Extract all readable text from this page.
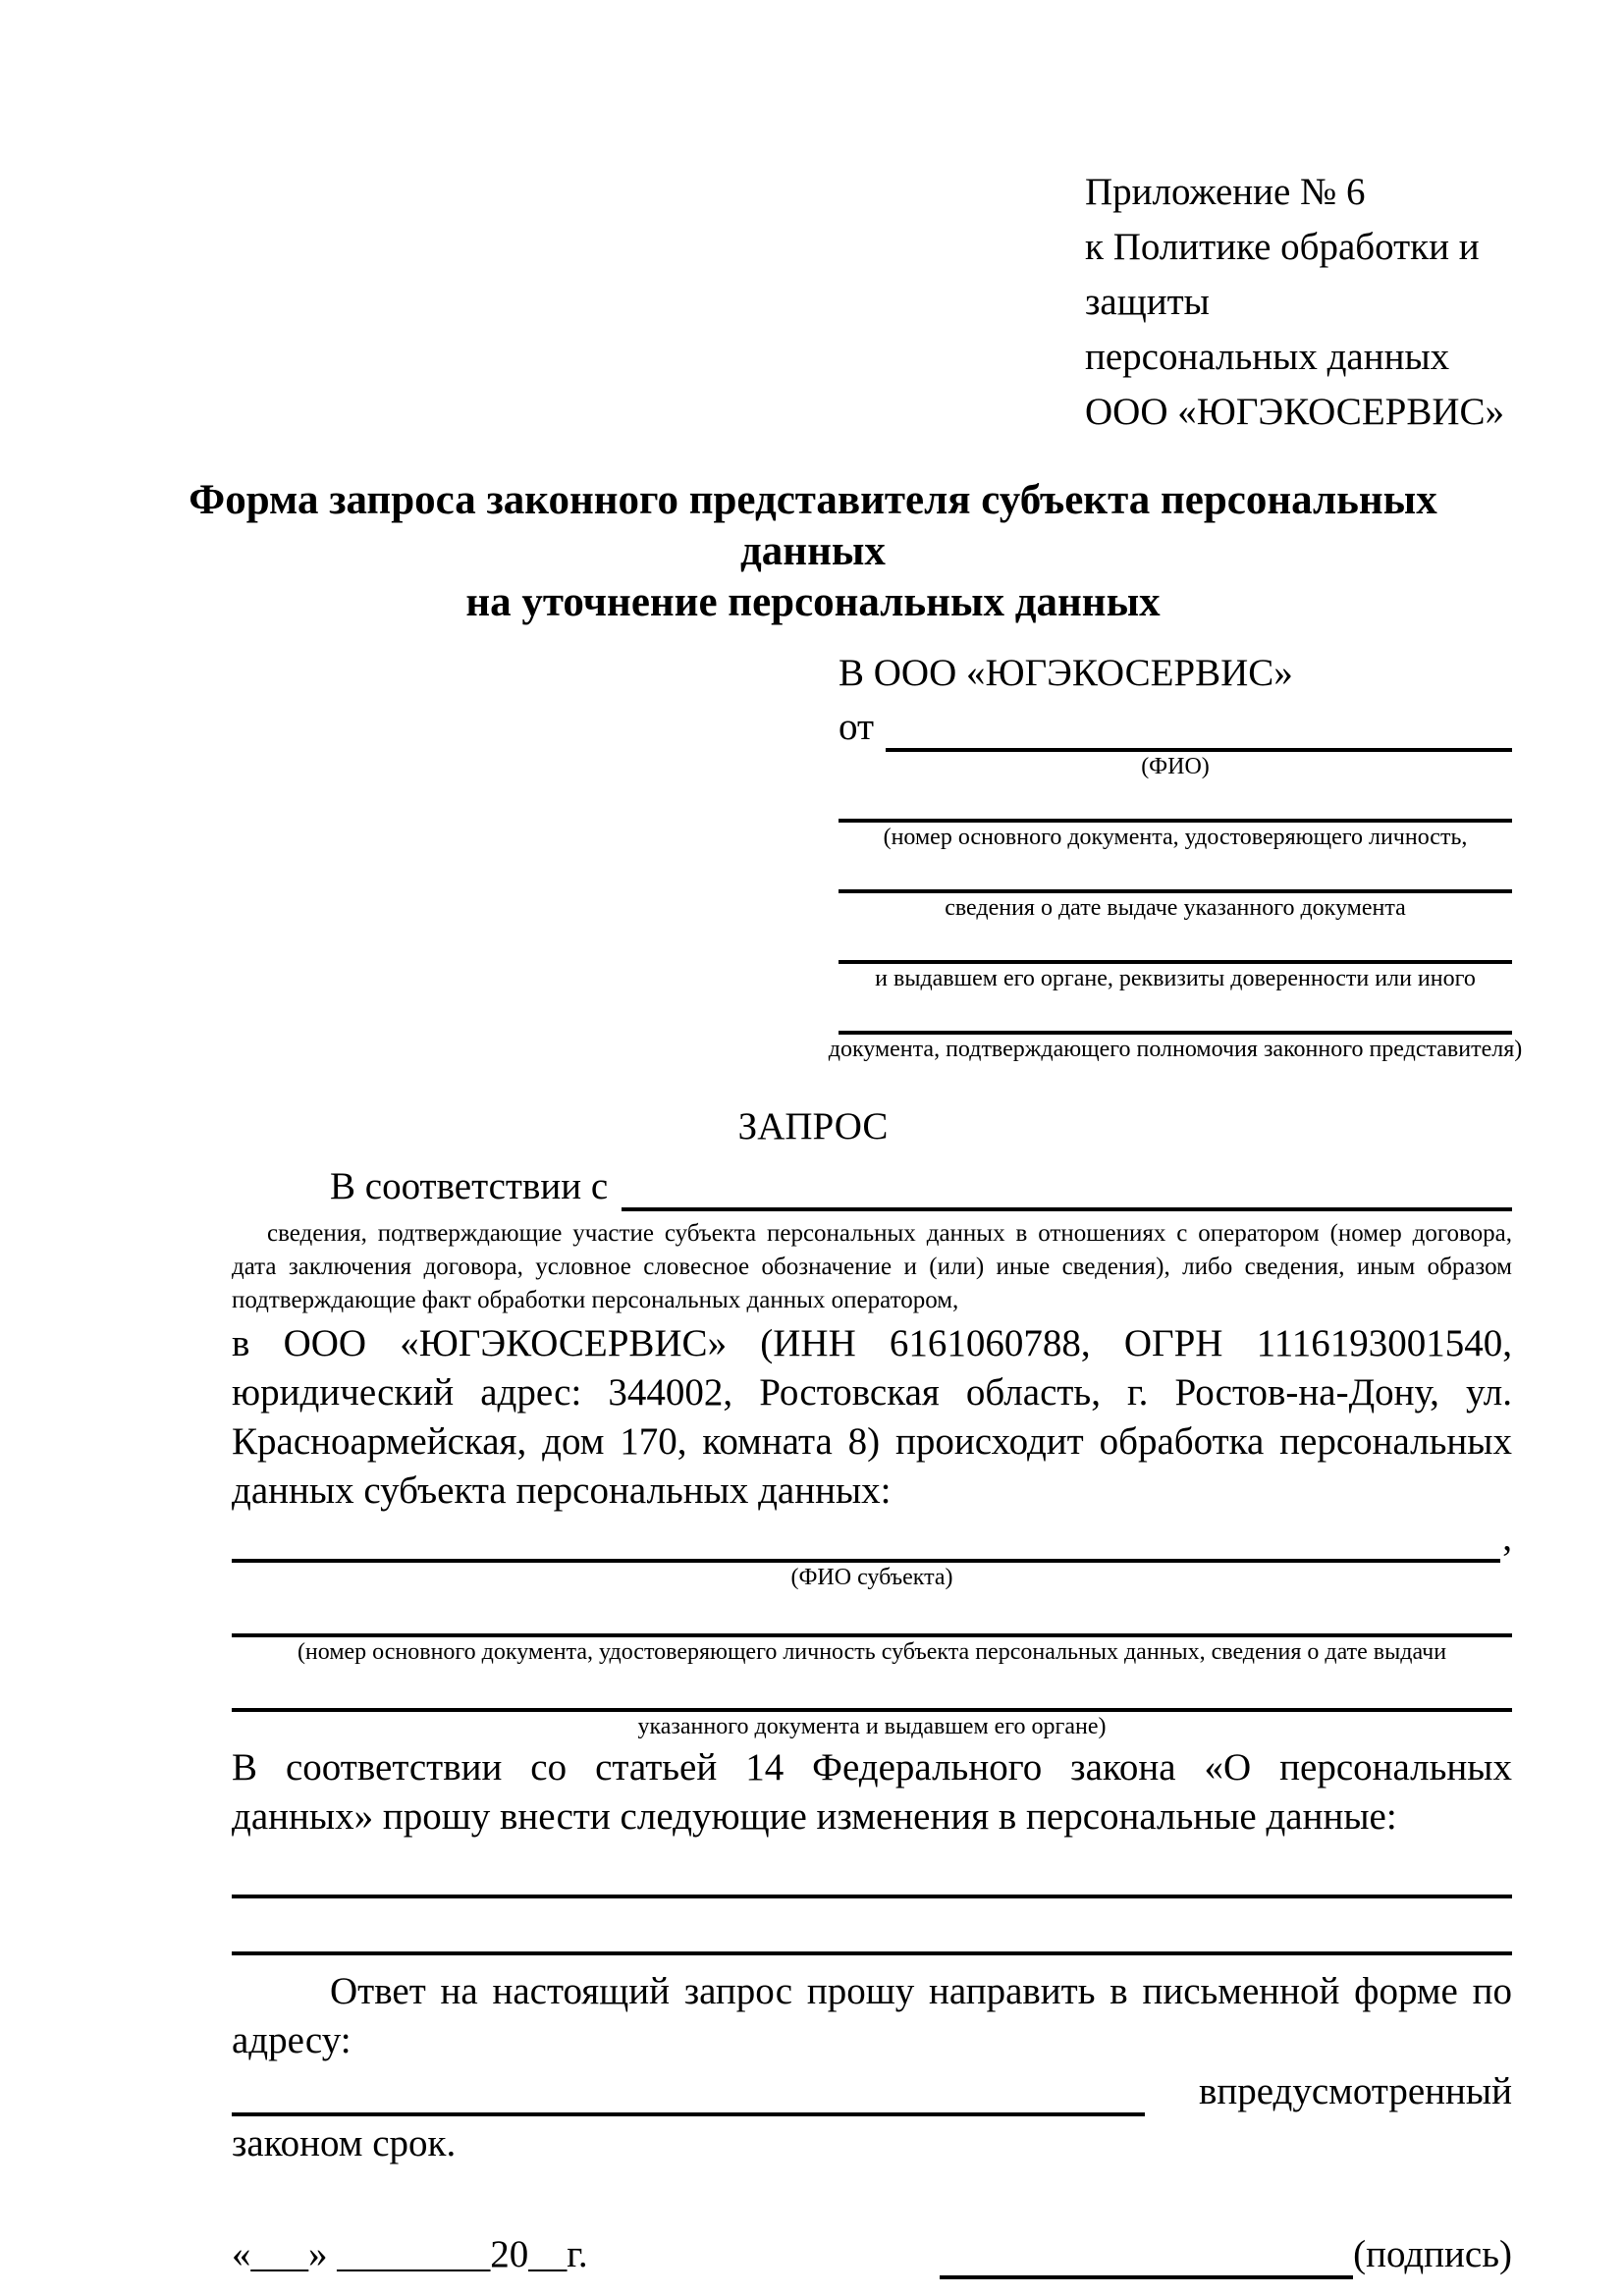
Приложение № 6
к Политике обработки и защиты
персональных данных
ООО «ЮГЭКОСЕРВИС»
Форма запроса законного представителя субъекта персональных данных
на уточнение персональных данных
В ООО «ЮГЭКОСЕРВИС»
от
(ФИО)
(номер основного документа, удостоверяющего личность,
сведения о дате выдаче указанного документа
и выдавшем его органе, реквизиты доверенности или иного
документа, подтверждающего полномочия законного представителя)
ЗАПРОС
В соответствии с

сведения, подтверждающие участие субъекта персональных данных в отношениях с оператором (номер договора, дата заключения договора, условное словесное обозначение и (или) иные сведения), либо сведения, иным образом подтверждающие факт обработки персональных данных оператором,

в ООО «ЮГЭКОСЕРВИС» (ИНН 6161060788, ОГРН 1116193001540, юридический адрес: 344002, Ростовская область, г. Ростов-на-Дону, ул. Красноармейская, дом 170, комната 8) происходит обработка персональных данных субъекта персональных данных:

,
(ФИО субъекта)
(номер основного документа, удостоверяющего личность субъекта персональных данных, сведения о дате выдачи
указанного документа и выдавшем его органе)

В соответствии со статьей 14 Федерального закона «О персональных данных» прошу внести следующие изменения в персональные данные:

Ответ на настоящий запрос прошу направить в письменной форме по адресу:

в предусмотренный
законом срок.
«___» ________20__г.	(подпись)
